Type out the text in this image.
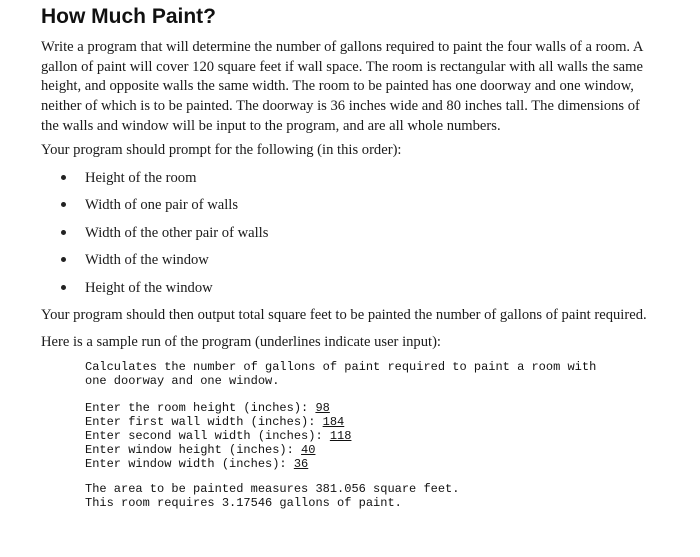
How Much Paint?
Write a program that will determine the number of gallons required to paint the four walls of a room. A gallon of paint will cover 120 square feet if wall space. The room is rectangular with all walls the same height, and opposite walls the same width. The room to be painted has one doorway and one window, neither of which is to be painted. The doorway is 36 inches wide and 80 inches tall. The dimensions of the walls and window will be input to the program, and are all whole numbers.
Your program should prompt for the following (in this order):
Height of the room
Width of one pair of walls
Width of the other pair of walls
Width of the window
Height of the window
Your program should then output total square feet to be painted the number of gallons of paint required.
Here is a sample run of the program (underlines indicate user input):
Calculates the number of gallons of paint required to paint a room with
one doorway and one window.
Enter the room height (inches): 98
Enter first wall width (inches): 184
Enter second wall width (inches): 118
Enter window height (inches): 40
Enter window width (inches): 36
The area to be painted measures 381.056 square feet.
This room requires 3.17546 gallons of paint.
